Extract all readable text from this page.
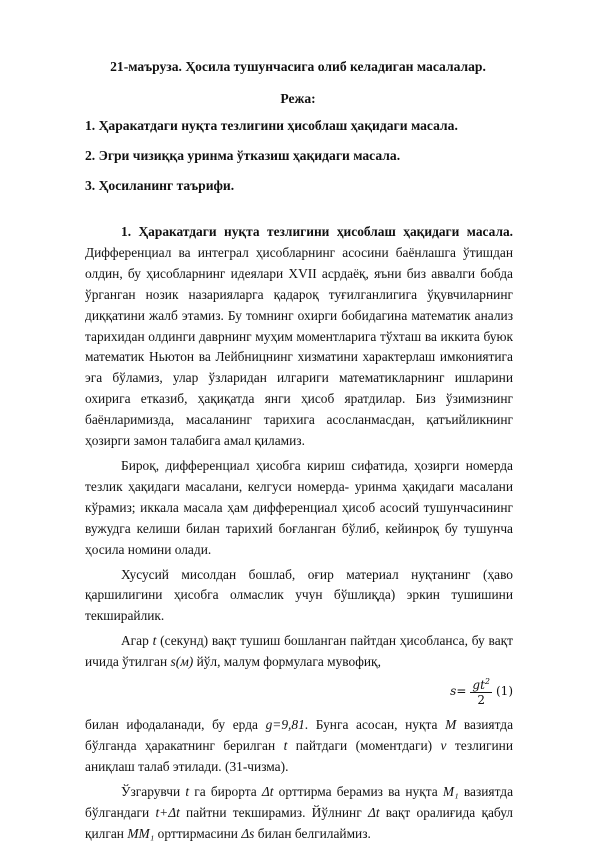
21-маъруза. Ҳосила тушунчасига олиб келадиган масалалар.
Режа:
1. Ҳаракатдаги нуқта тезлигини ҳисоблаш ҳақидаги масала.
2. Эгри чизиққа уринма ўтказиш ҳақидаги масала.
3. Ҳосиланинг таърифи.

1. Ҳаракатдаги нуқта тезлигини ҳисоблаш ҳақидаги масала. Дифференциал ва интеграл ҳисобларнинг асосини баёнлашга ўтишдан олдин, бу ҳисобларнинг идеялари XVII асрдаёқ, яъни биз аввалги бобда ўрганган нозик назарияларга қадароқ туғилганлигига ўқувчиларнинг диққатини жалб этамиз. Бу томнинг охирги бобидагина математик анализ тарихидан олдинги даврнинг муҳим моментларига тўхташ ва иккита буюк математик Ньютон ва Лейбницнинг хизматини характерлаш имкониятига эга бўламиз, улар ўзларидан илгариги математикларнинг ишларини охирига етказиб, ҳақиқатда янги ҳисоб яратдилар. Биз ўзимизнинг баёнларимизда, масаланинг тарихига асосланмасдан, қатъийликнинг ҳозирги замон талабига амал қиламиз.

Бироқ, дифференциал ҳисобга кириш сифатида, ҳозирги номерда тезлик ҳақидаги масалани, келгуси номерда- уринма ҳақидаги масалани кўрамиз; иккала масала ҳам дифференциал ҳисоб асосий тушунчасининг вужудга келиши билан тарихий боғланган бўлиб, кейинроқ бу тушунча ҳосила номини олади.

Хусусий мисолдан бошлаб, оғир материал нуқтанинг (ҳаво қаршилигини ҳисобга олмаслик учун бўшлиқда) эркин тушишини текширайлик.

Агар t (секунд) вақт тушиш бошланган пайтдан ҳисобланса, бу вақт ичида ўтилган s(м) йўл, малум формулага мувофиқ,

$s= \frac{gt^2}{2} (1)$

билан ифодаланади, бу ерда g=9,81. Бунга асосан, нуқта M вазиятда бўлганда ҳаракатнинг берилган t пайтдаги (моментдаги) v тезлигини аниқлаш талаб этилади. (31-чизма).

Ўзгарувчи t га бирорта Δt орттирма берамиз ва нуқта M₁ вазиятда бўлгандаги t+Δt пайтни текширамиз. Йўлнинг Δt вақт оралиғида қабул қилган MM₁ орттирмасини Δs билан белгилаймиз.
